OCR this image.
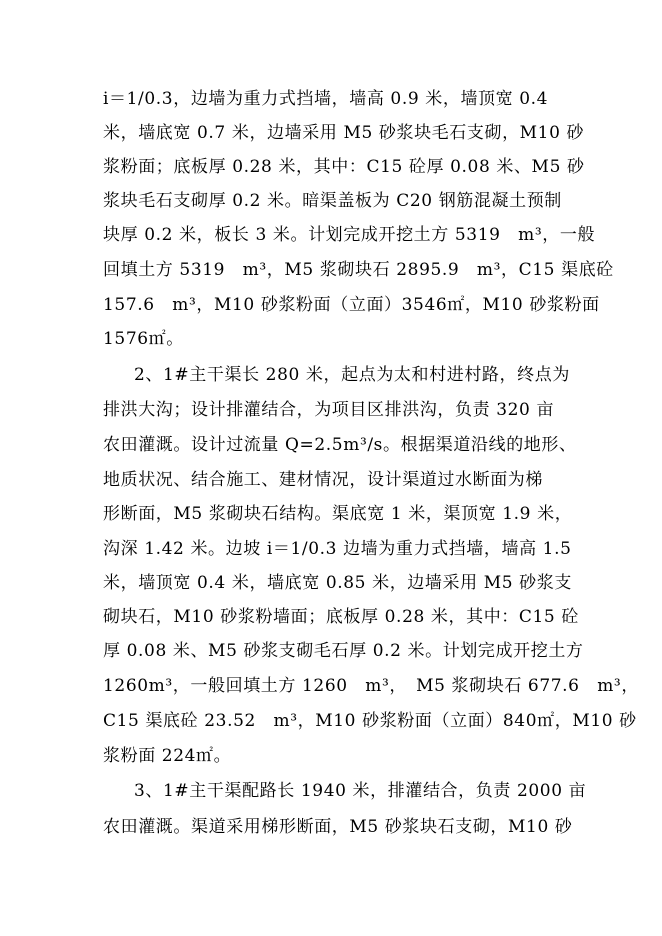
i＝1/0.3，边墙为重力式挡墙，墙高 0.9 米，墙顶宽 0.4
米，墙底宽 0.7 米，边墙采用 M5 砂浆块毛石支砌，M10 砂
浆粉面；底板厚 0.28 米，其中：C15 砼厚 0.08 米、M5 砂
浆块毛石支砌厚 0.2 米。暗渠盖板为 C20 钢筋混凝土预制
块厚 0.2 米，板长 3 米。计划完成开挖土方 5319　m³，一般
回填土方 5319　m³，M5 浆砌块石 2895.9　m³，C15 渠底砼
157.6　m³，M10 砂浆粉面（立面）3546㎡，M10 砂浆粉面
1576㎡。
2、1#主干渠长 280 米，起点为太和村进村路，终点为
排洪大沟；设计排灌结合，为项目区排洪沟，负责 320 亩
农田灌溉。设计过流量 Q=2.5m³/s。根据渠道沿线的地形、
地质状况、结合施工、建材情况，设计渠道过水断面为梯
形断面，M5 浆砌块石结构。渠底宽 1 米，渠顶宽 1.9 米，
沟深 1.42 米。边坡 i＝1/0.3 边墙为重力式挡墙，墙高 1.5
米，墙顶宽 0.4 米，墙底宽 0.85 米，边墙采用 M5 砂浆支
砌块石，M10 砂浆粉墙面；底板厚 0.28 米，其中：C15 砼
厚 0.08 米、M5 砂浆支砌毛石厚 0.2 米。计划完成开挖土方
1260m³，一般回填土方 1260　m³，　M5 浆砌块石 677.6　m³，
C15 渠底砼 23.52　m³，M10 砂浆粉面（立面）840㎡，M10 砂
浆粉面 224㎡。
3、1#主干渠配路长 1940 米，排灌结合，负责 2000 亩
农田灌溉。渠道采用梯形断面，M5 砂浆块石支砌，M10 砂
